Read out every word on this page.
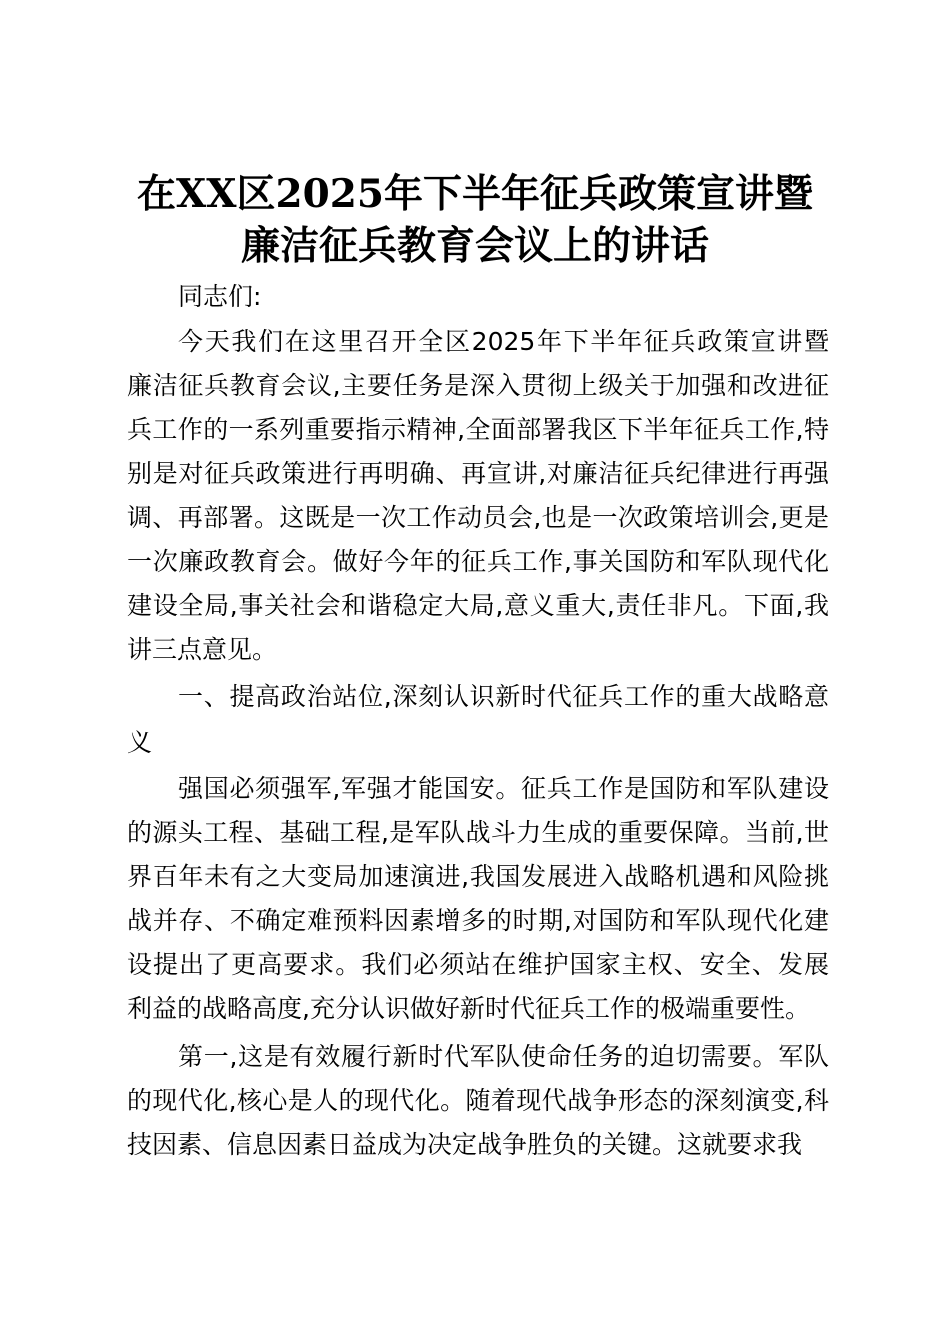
在XX区2025年下半年征兵政策宣讲暨
廉洁征兵教育会议上的讲话
同志们:
今天我们在这里召开全区2025年下半年征兵政策宣讲暨
廉洁征兵教育会议,主要任务是深入贯彻上级关于加强和改进征
兵工作的一系列重要指示精神,全面部署我区下半年征兵工作,特
别是对征兵政策进行再明确、再宣讲,对廉洁征兵纪律进行再强
调、再部署。这既是一次工作动员会,也是一次政策培训会,更是
一次廉政教育会。做好今年的征兵工作,事关国防和军队现代化
建设全局,事关社会和谐稳定大局,意义重大,责任非凡。下面,我
讲三点意见。
一、提高政治站位,深刻认识新时代征兵工作的重大战略意
义
强国必须强军,军强才能国安。征兵工作是国防和军队建设
的源头工程、基础工程,是军队战斗力生成的重要保障。当前,世
界百年未有之大变局加速演进,我国发展进入战略机遇和风险挑
战并存、不确定难预料因素增多的时期,对国防和军队现代化建
设提出了更高要求。我们必须站在维护国家主权、安全、发展
利益的战略高度,充分认识做好新时代征兵工作的极端重要性。
第一,这是有效履行新时代军队使命任务的迫切需要。军队
的现代化,核心是人的现代化。随着现代战争形态的深刻演变,科
技因素、信息因素日益成为决定战争胜负的关键。这就要求我
